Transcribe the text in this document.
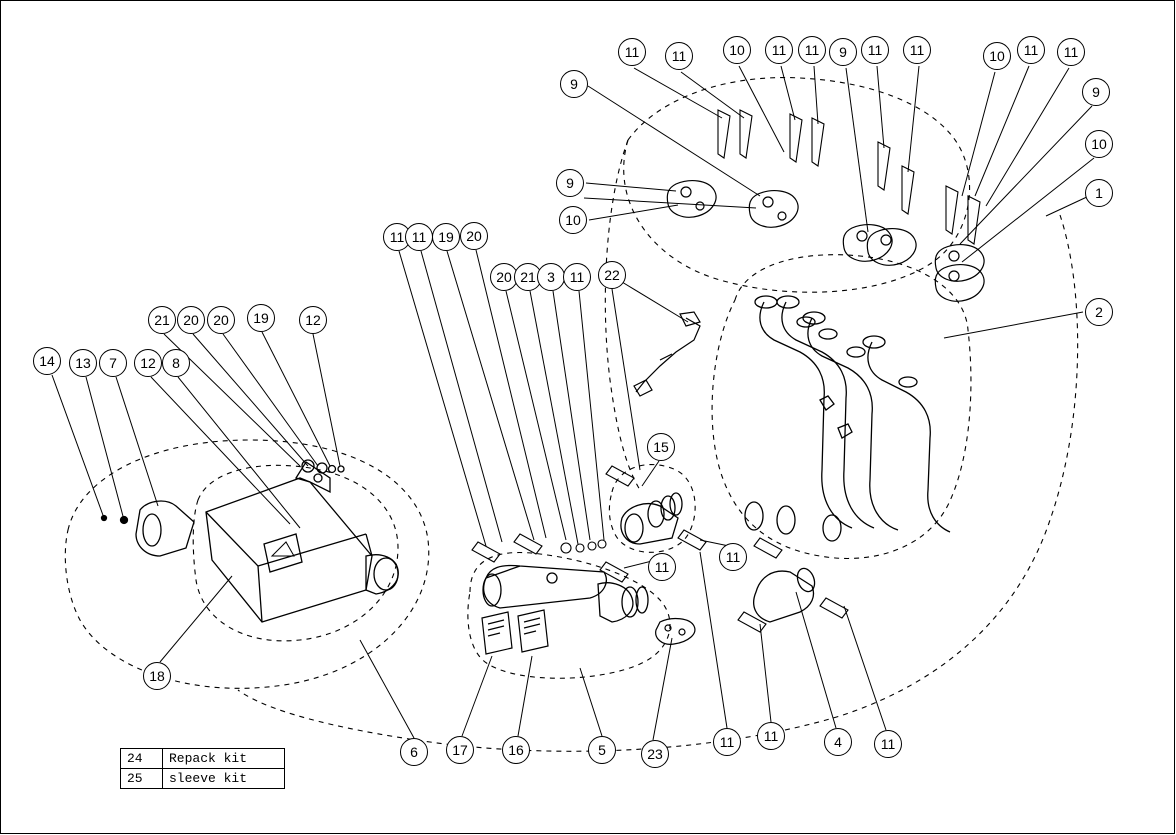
11	11	10	11	11	9	11	11	10	11	11
9	9
10
9
10
1
11 11 19 20
20 21 3	11	22
2
21 20	20	19	12
14	13	7	12	8
15
11
11
18
6	17	16	5	23
11	11	4	11
24	Repack kit
25	sleeve kit
